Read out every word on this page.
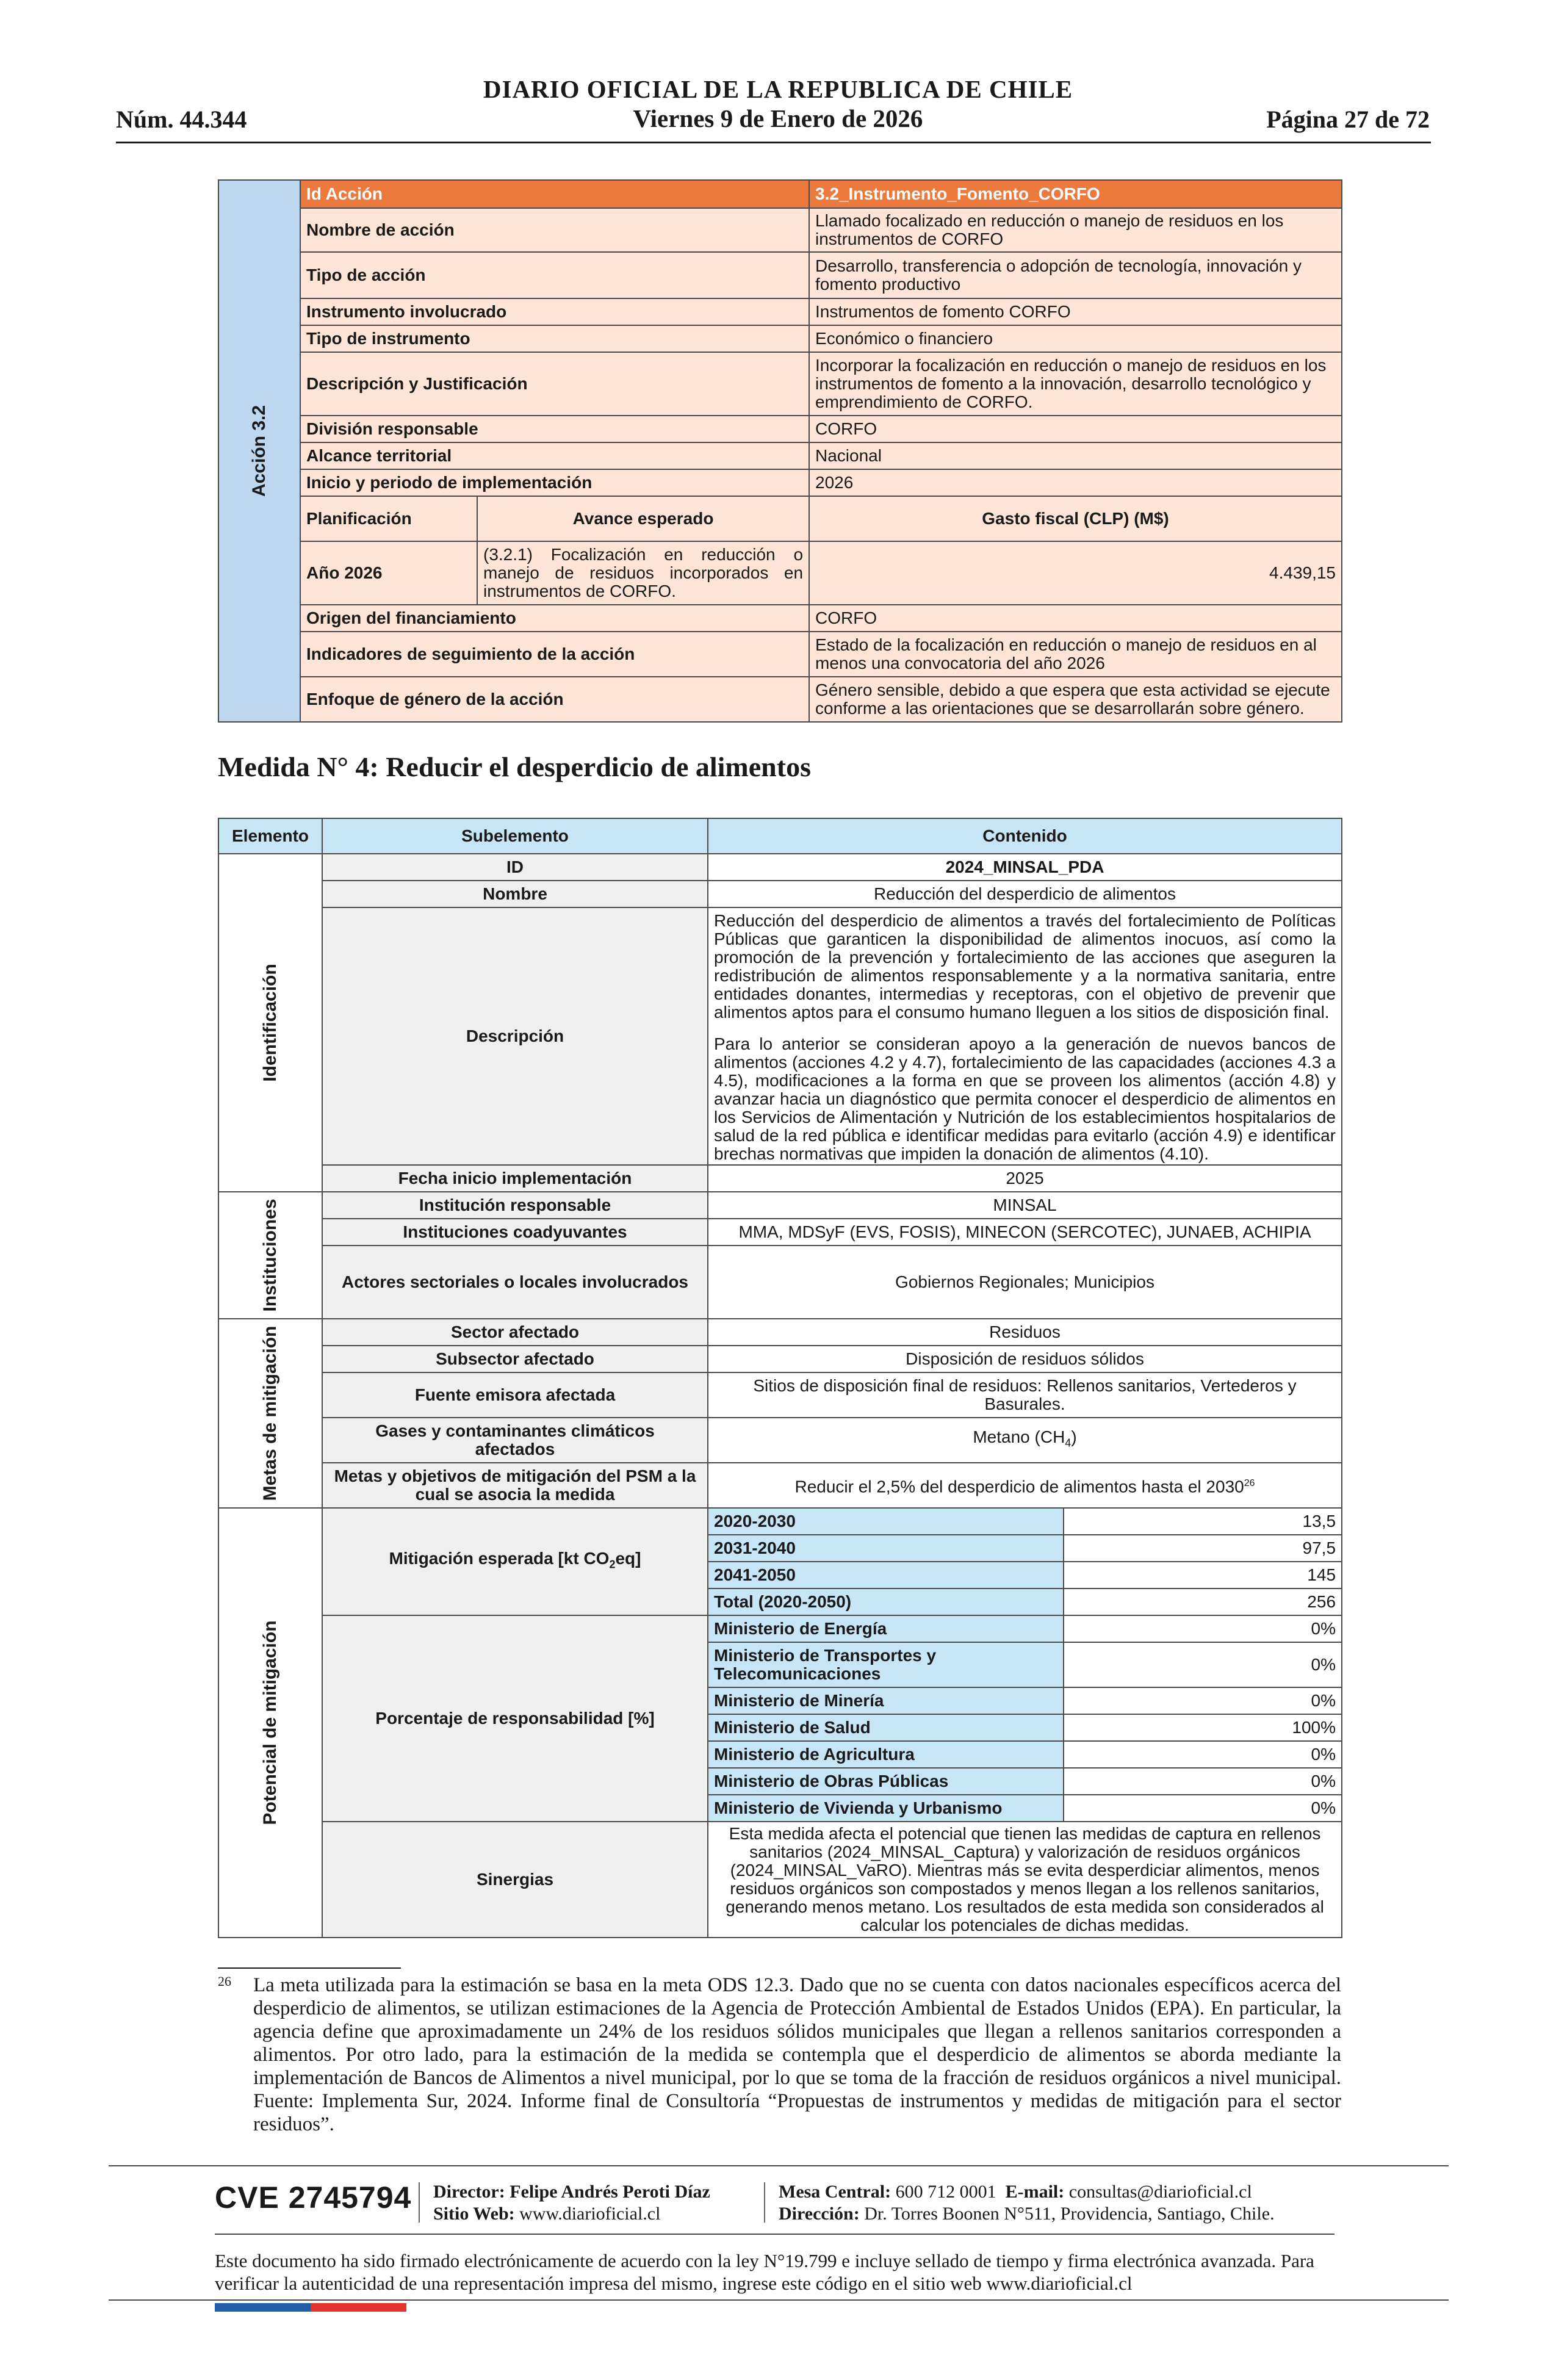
DIARIO OFICIAL DE LA REPUBLICA DE CHILE
Núm. 44.344	Viernes 9 de Enero de 2026	Página 27 de 72
Acción 3.2	Id Acción		3.2_Instrumento_Fomento_CORFO
	Nombre de acción		Llamado focalizado en reducción o manejo de residuos en los instrumentos de CORFO
	Tipo de acción		Desarrollo, transferencia o adopción de tecnología, innovación y fomento productivo
	Instrumento involucrado		Instrumentos de fomento CORFO
	Tipo de instrumento		Económico o financiero
	Descripción y Justificación		Incorporar la focalización en reducción o manejo de residuos en los instrumentos de fomento a la innovación, desarrollo tecnológico y emprendimiento de CORFO.
	División responsable		CORFO
	Alcance territorial		Nacional
	Inicio y periodo de implementación		2026
	Planificación	Avance esperado	Gasto fiscal (CLP) (M$)
	Año 2026	(3.2.1) Focalización en reducción o manejo de residuos incorporados en instrumentos de CORFO.	4.439,15
	Origen del financiamiento		CORFO
	Indicadores de seguimiento de la acción		Estado de la focalización en reducción o manejo de residuos en al menos una convocatoria del año 2026
	Enfoque de género de la acción		Género sensible, debido a que espera que esta actividad se ejecute conforme a las orientaciones que se desarrollarán sobre género.
Medida N° 4: Reducir el desperdicio de alimentos
Elemento	Subelemento	Contenido	

Identificación	ID	2024_MINSAL_PDA	
	Nombre	Reducción del desperdicio de alimentos	
	Descripción	Reducción del desperdicio de alimentos a través del fortalecimiento de Políticas Públicas que garanticen la disponibilidad de alimentos inocuos, así como la promoción de la prevención y fortalecimiento de las acciones que aseguren la redistribución de alimentos responsablemente y a la normativa sanitaria, entre entidades donantes, intermedias y receptoras, con el objetivo de prevenir que alimentos aptos para el consumo humano lleguen a los sitios de disposición final.
Para lo anterior se consideran apoyo a la generación de nuevos bancos de alimentos (acciones 4.2 y 4.7), fortalecimiento de las capacidades (acciones 4.3 a 4.5), modificaciones a la forma en que se proveen los alimentos (acción 4.8) y avanzar hacia un diagnóstico que permita conocer el desperdicio de alimentos en los Servicios de Alimentación y Nutrición de los establecimientos hospitalarios de salud de la red pública e identificar medidas para evitarlo (acción 4.9) e identificar brechas normativas que impiden la donación de alimentos (4.10).	

	Fecha inicio implementación	2025	

Instituciones	Institución responsable	MINSAL	
	Instituciones coadyuvantes	MMA, MDSyF (EVS, FOSIS), MINECON (SERCOTEC), JUNAEB, ACHIPIA	
	Actores sectoriales o locales involucrados	Gobiernos Regionales; Municipios	

Metas de mitigación	Sector afectado	Residuos	
	Subsector afectado	Disposición de residuos sólidos	
	Fuente emisora afectada	Sitios de disposición final de residuos: Rellenos sanitarios, Vertederos y Basurales.	
	Gases y contaminantes climáticos afectados	Metano $(CH_4)$	
	Metas y objetivos de mitigación del PSM a la cual se asocia la medida	Reducir el 2,5% del desperdicio de alimentos hasta el 2030$^{26}$

Potencial de mitigación	Mitigación esperada [kt $CO_2eq$]	2020-2030	13,5
		2031-2040	97,5
		2041-2050	145
		Total (2020-2050)	256
	Porcentaje de responsabilidad [%]	Ministerio de Energía	0%
		Ministerio de Transportes y Telecomunicaciones	0%
		Ministerio de Minería	0%
		Ministerio de Salud	100%
		Ministerio de Agricultura	0%
		Ministerio de Obras Públicas	0%
		Ministerio de Vivienda y Urbanismo	0%
	Sinergias	Esta medida afecta el potencial que tienen las medidas de captura en rellenos sanitarios (2024_MINSAL_Captura) y valorización de residuos orgánicos (2024_MINSAL_VaRO). Mientras más se evita desperdiciar alimentos, menos residuos orgánicos son compostados y menos llegan a los rellenos sanitarios, generando menos metano. Los resultados de esta medida son considerados al calcular los potenciales de dichas medidas.	
26 La meta utilizada para la estimación se basa en la meta ODS 12.3. Dado que no se cuenta con datos nacionales específicos acerca del desperdicio de alimentos, se utilizan estimaciones de la Agencia de Protección Ambiental de Estados Unidos (EPA). En particular, la agencia define que aproximadamente un 24% de los residuos sólidos municipales que llegan a rellenos sanitarios corresponden a alimentos. Por otro lado, para la estimación de la medida se contempla que el desperdicio de alimentos se aborda mediante la implementación de Bancos de Alimentos a nivel municipal, por lo que se toma de la fracción de residuos orgánicos a nivel municipal. Fuente: Implementa Sur, 2024. Informe final de Consultoría “Propuestas de instrumentos y medidas de mitigación para el sector residuos”.
CVE 2745794 Director: Felipe Andrés Peroti Díaz
Sitio Web: www.diarioficial.cl
Mesa Central: 600 712 0001 E-mail: consultas@diarioficial.cl
Dirección: Dr. Torres Boonen N°511, Providencia, Santiago, Chile.
Este documento ha sido firmado electrónicamente de acuerdo con la ley N°19.799 e incluye sellado de tiempo y firma electrónica avanzada. Para verificar la autenticidad de una representación impresa del mismo, ingrese este código en el sitio web www.diarioficial.cl
